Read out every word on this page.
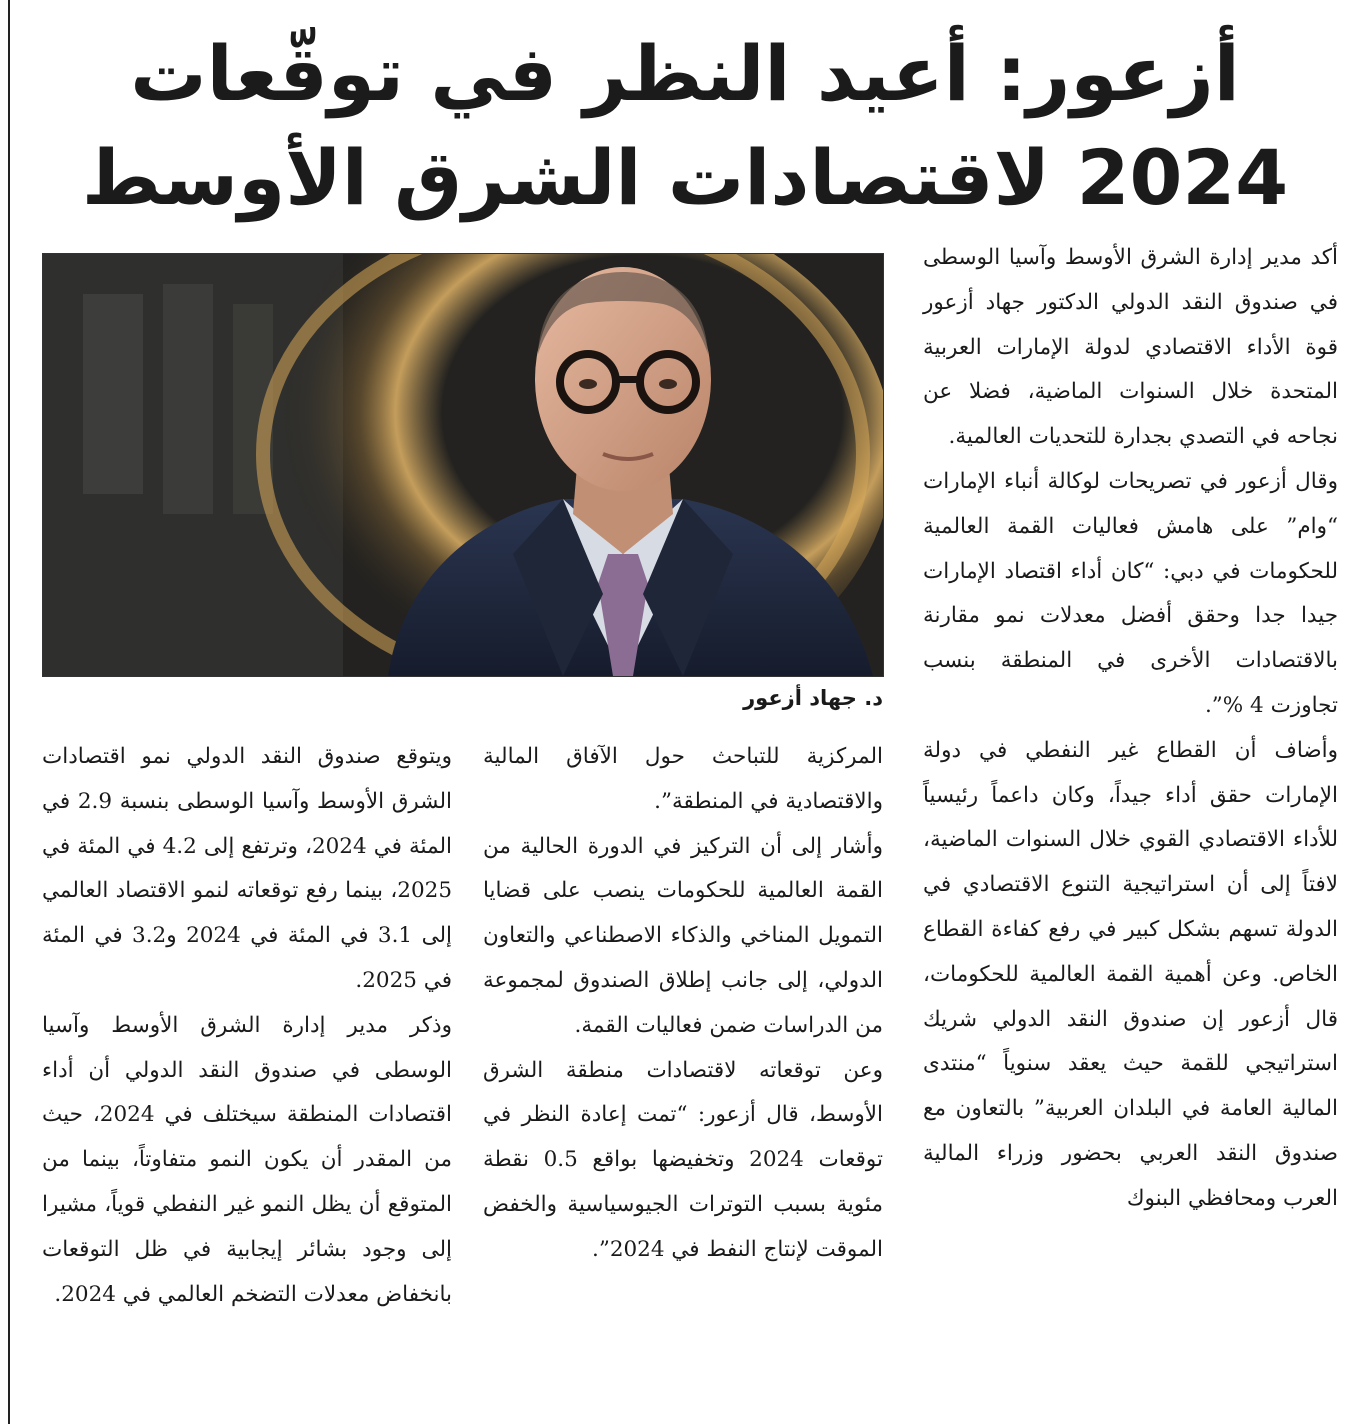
أزعور: أعيد النظر في توقّعات
2024 لاقتصادات الشرق الأوسط
د. جهاد أزعور

أكد مدير إدارة الشرق الأوسط وآسيا الوسطى في صندوق النقد الدولي الدكتور جهاد أزعور قوة الأداء الاقتصادي لدولة الإمارات العربية المتحدة خلال السنوات الماضية، فضلا عن نجاحه في التصدي بجدارة للتحديات العالمية.

وقال أزعور في تصريحات لوكالة أنباء الإمارات “وام” على هامش فعاليات القمة العالمية للحكومات في دبي: “كان أداء اقتصاد الإمارات جيدا جدا وحقق أفضل معدلات نمو مقارنة بالاقتصادات الأخرى في المنطقة بنسب تجاوزت 4 %”.

وأضاف أن القطاع غير النفطي في دولة الإمارات حقق أداء جيداً، وكان داعماً رئيسياً للأداء الاقتصادي القوي خلال السنوات الماضية، لافتاً إلى أن استراتيجية التنوع الاقتصادي في الدولة تسهم بشكل كبير في رفع كفاءة القطاع الخاص. وعن أهمية القمة العالمية للحكومات، قال أزعور إن صندوق النقد الدولي شريك استراتيجي للقمة حيث يعقد سنوياً “منتدى المالية العامة في البلدان العربية” بالتعاون مع صندوق النقد العربي بحضور وزراء المالية العرب ومحافظي البنوك

المركزية للتباحث حول الآفاق المالية والاقتصادية في المنطقة”.

وأشار إلى أن التركيز في الدورة الحالية من القمة العالمية للحكومات ينصب على قضايا التمويل المناخي والذكاء الاصطناعي والتعاون الدولي، إلى جانب إطلاق الصندوق لمجموعة من الدراسات ضمن فعاليات القمة.

وعن توقعاته لاقتصادات منطقة الشرق الأوسط، قال أزعور: “تمت إعادة النظر في توقعات 2024 وتخفيضها بواقع 0.5 نقطة مئوية بسبب التوترات الجيوسياسية والخفض الموقت لإنتاج النفط في 2024”.

ويتوقع صندوق النقد الدولي نمو اقتصادات الشرق الأوسط وآسيا الوسطى بنسبة 2.9 في المئة في 2024، وترتفع إلى 4.2 في المئة في 2025، بينما رفع توقعاته لنمو الاقتصاد العالمي إلى 3.1 في المئة في 2024 و3.2 في المئة في 2025.

وذكر مدير إدارة الشرق الأوسط وآسيا الوسطى في صندوق النقد الدولي أن أداء اقتصادات المنطقة سيختلف في 2024، حيث من المقدر أن يكون النمو متفاوتاً، بينما من المتوقع أن يظل النمو غير النفطي قوياً، مشيرا إلى وجود بشائر إيجابية في ظل التوقعات بانخفاض معدلات التضخم العالمي في 2024.
